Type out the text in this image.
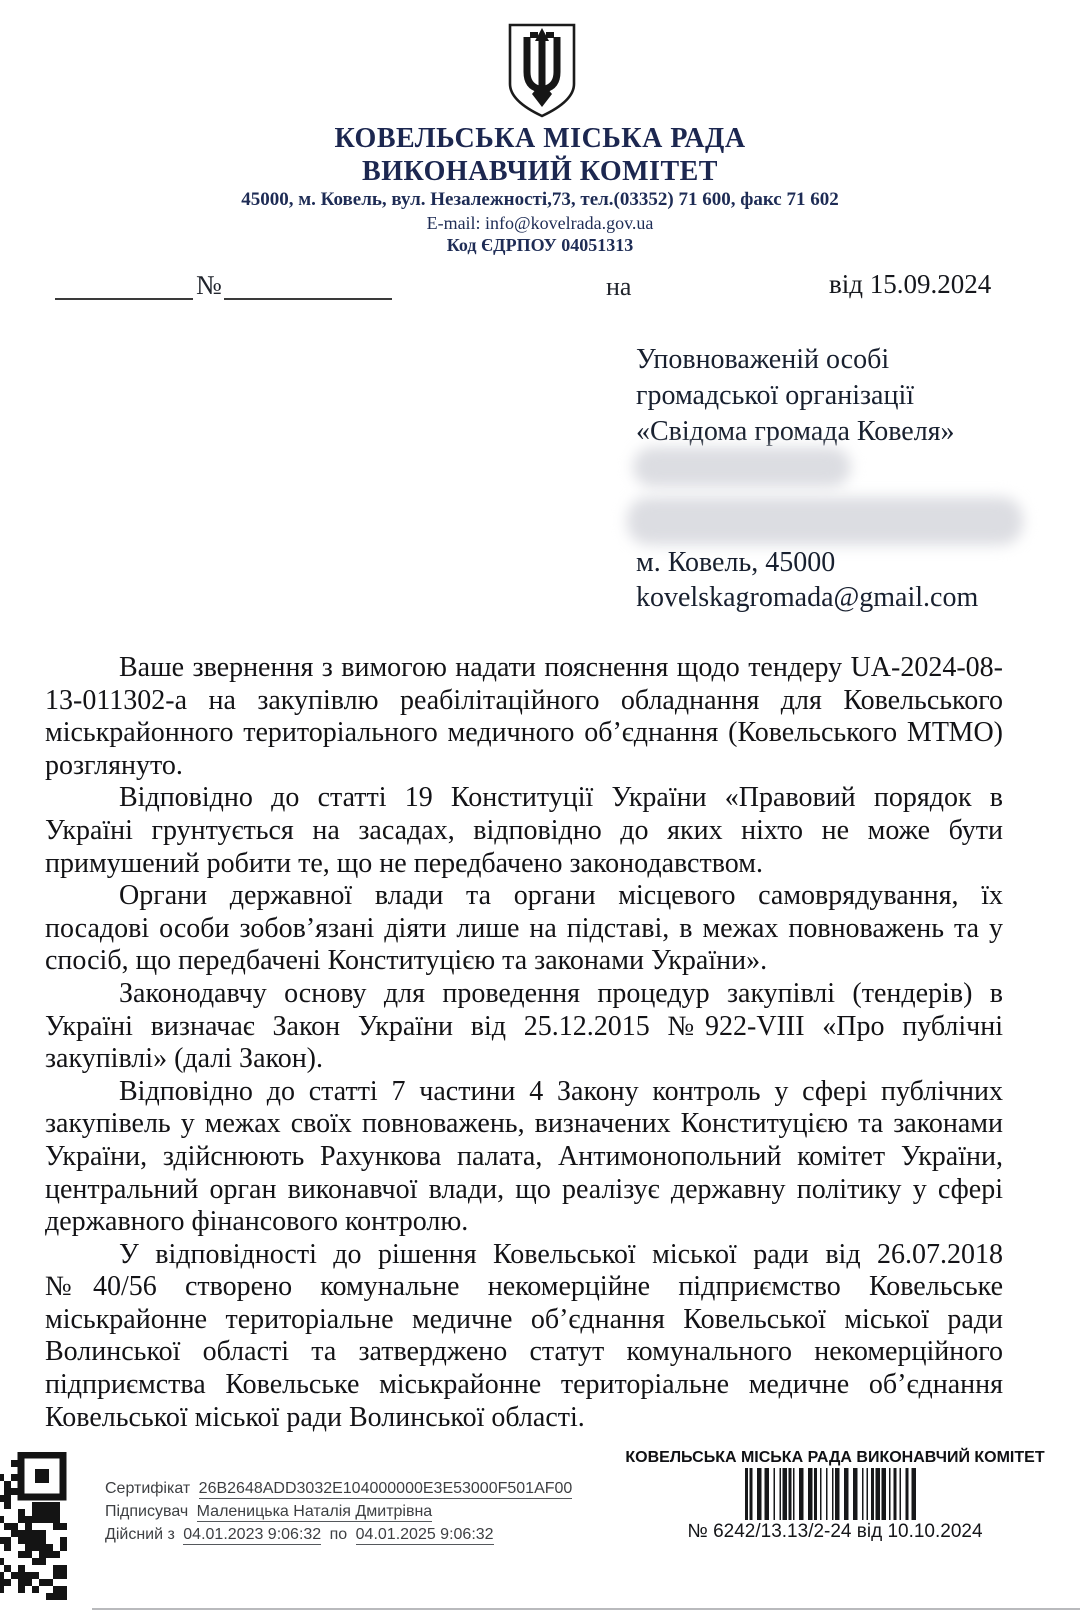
КОВЕЛЬСЬКА МІСЬКА РАДА
ВИКОНАВЧИЙ КОМІТЕТ
45000, м. Ковель, вул. Незалежності,73, тел.(03352) 71 600, факс 71 602
E-mail: info@kovelrada.gov.ua
Код ЄДРПОУ 04051313
№	на	від 15.09.2024
Уповноваженій особі
громадської організації
«Свідома громада Ковеля»
м. Ковель, 45000
kovelskagromada@gmail.com

Ваше звернення з вимогою надати пояснення щодо тендеру UA-2024-08-13-011302-а на закупівлю реабілітаційного обладнання для Ковельського міськрайонного територіального медичного об’єднання (Ковельського МТМО) розглянуто.

Відповідно до статті 19 Конституції України «Правовий порядок в Україні грунтується на засадах, відповідно до яких ніхто не може бути примушений робити те, що не передбачено законодавством.

Органи державної влади та органи місцевого самоврядування, їх посадові особи зобов’язані діяти лише на підставі, в межах повноважень та у спосіб, що передбачені Конституцією та законами України».

Законодавчу основу для проведення процедур закупівлі (тендерів) в Україні визначає Закон України від 25.12.2015 №922-VIII «Про публічні закупівлі» (далі Закон).

Відповідно до статті 7 частини 4 Закону контроль у сфері публічних закупівель у межах своїх повноважень, визначених Конституцією та законами України, здійснюють Рахункова палата, Антимонопольний комітет України, центральний орган виконавчої влади, що реалізує державну політику у сфері державного фінансового контролю.

У відповідності до рішення Ковельської міської ради від 26.07.2018 №40/56 створено комунальне некомерційне підприємство Ковельське міськрайонне територіальне медичне об’єднання Ковельської міської ради Волинської області та затверджено статут комунального некомерційного підприємства Ковельське міськрайонне територіальне медичне об’єднання Ковельської міської ради Волинської області.

Сертифікат 26B2648ADD3032E104000000E3E53000F501AF00
Підписувач Маленицька Наталія Дмитрівна
Дійсний з 04.01.2023 9:06:32 по 04.01.2025 9:06:32
КОВЕЛЬСЬКА МІСЬКА РАДА ВИКОНАВЧИЙ КОМІТЕТ
№ 6242/13.13/2-24 від 10.10.2024
